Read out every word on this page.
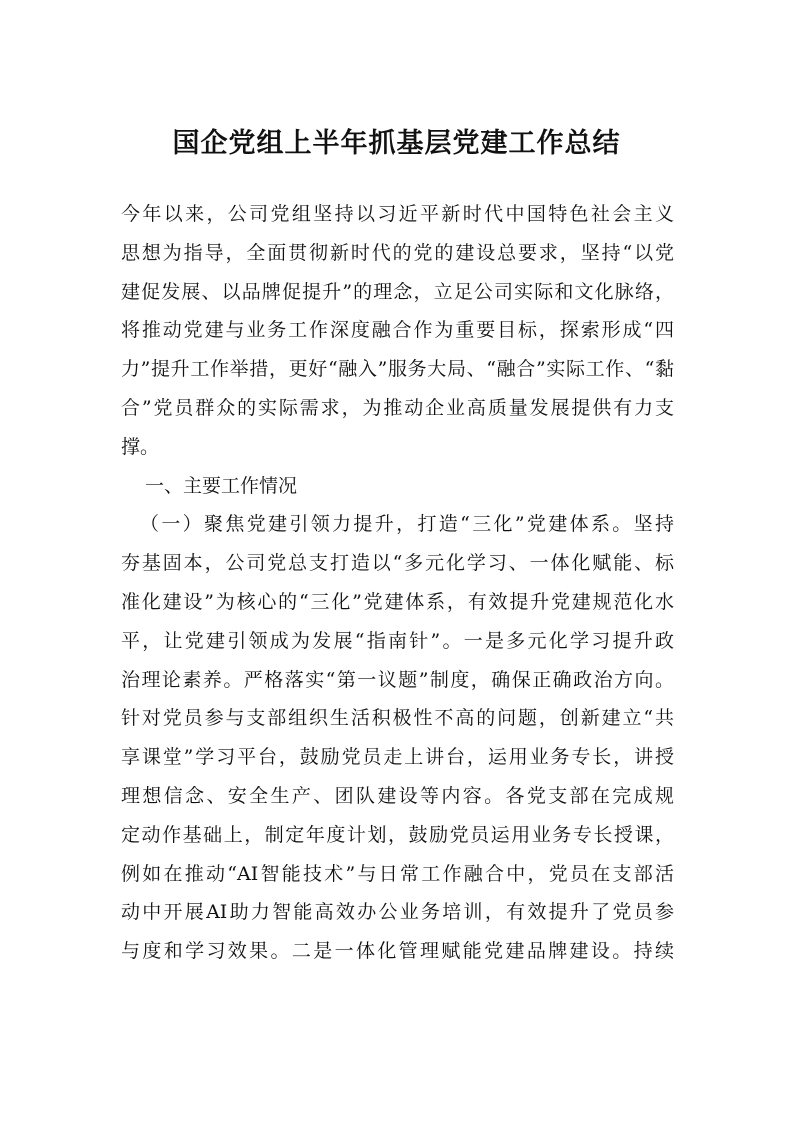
国企党组上半年抓基层党建工作总结
今年以来，公司党组坚持以习近平新时代中国特色社会主义
思想为指导，全面贯彻新时代的党的建设总要求，坚持“以党
建促发展、以品牌促提升”的理念，立足公司实际和文化脉络，
将推动党建与业务工作深度融合作为重要目标，探索形成“四
力”提升工作举措，更好“融入”服务大局、“融合”实际工作、“黏
合”党员群众的实际需求，为推动企业高质量发展提供有力支
撑。
一、主要工作情况
（一）聚焦党建引领力提升，打造“三化”党建体系。坚持
夯基固本，公司党总支打造以“多元化学习、一体化赋能、标
准化建设”为核心的“三化”党建体系，有效提升党建规范化水
平，让党建引领成为发展“指南针”。一是多元化学习提升政
治理论素养。严格落实“第一议题”制度，确保正确政治方向。
针对党员参与支部组织生活积极性不高的问题，创新建立“共
享课堂”学习平台，鼓励党员走上讲台，运用业务专长，讲授
理想信念、安全生产、团队建设等内容。各党支部在完成规
定动作基础上，制定年度计划，鼓励党员运用业务专长授课，
例如在推动“AI智能技术”与日常工作融合中，党员在支部活
动中开展AI助力智能高效办公业务培训，有效提升了党员参
与度和学习效果。二是一体化管理赋能党建品牌建设。持续
